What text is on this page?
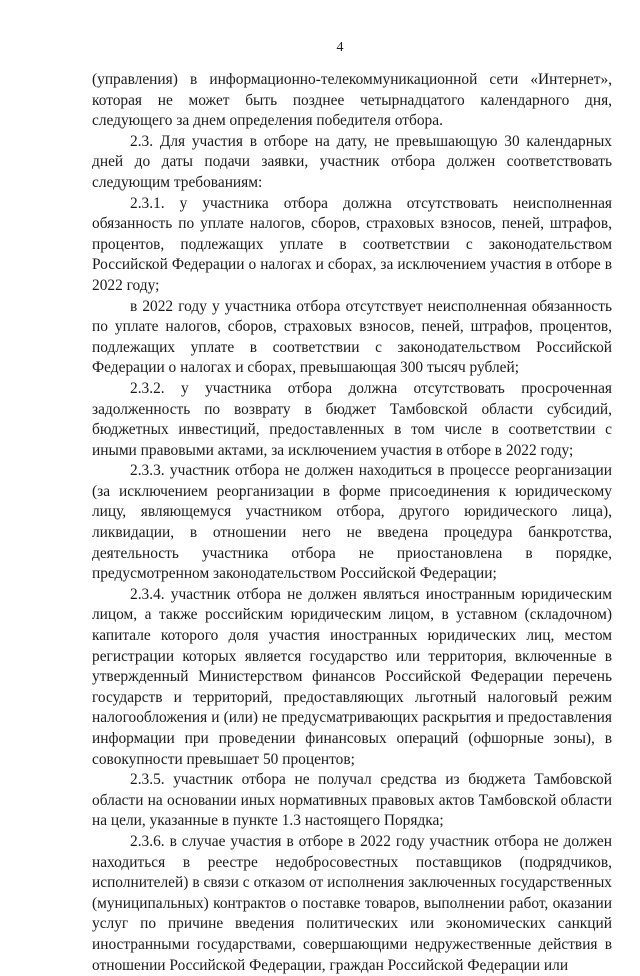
4

(управления) в информационно-телекоммуникационной сети «Интернет», которая не может быть позднее четырнадцатого календарного дня, следующего за днем определения победителя отбора.

2.3. Для участия в отборе на дату, не превышающую 30 календарных дней до даты подачи заявки, участник отбора должен соответствовать следующим требованиям:

2.3.1. у участника отбора должна отсутствовать неисполненная обязанность по уплате налогов, сборов, страховых взносов, пеней, штрафов, процентов, подлежащих уплате в соответствии с законодательством Российской Федерации о налогах и сборах, за исключением участия в отборе в 2022 году;

в 2022 году у участника отбора отсутствует неисполненная обязанность по уплате налогов, сборов, страховых взносов, пеней, штрафов, процентов, подлежащих уплате в соответствии с законодательством Российской Федерации о налогах и сборах, превышающая 300 тысяч рублей;

2.3.2. у участника отбора должна отсутствовать просроченная задолженность по возврату в бюджет Тамбовской области субсидий, бюджетных инвестиций, предоставленных в том числе в соответствии с иными правовыми актами, за исключением участия в отборе в 2022 году;

2.3.3. участник отбора не должен находиться в процессе реорганизации (за исключением реорганизации в форме присоединения к юридическому лицу, являющемуся участником отбора, другого юридического лица), ликвидации, в отношении него не введена процедура банкротства, деятельность участника отбора не приостановлена в порядке, предусмотренном законодательством Российской Федерации;

2.3.4. участник отбора не должен являться иностранным юридическим лицом, а также российским юридическим лицом, в уставном (складочном) капитале которого доля участия иностранных юридических лиц, местом регистрации которых является государство или территория, включенные в утвержденный Министерством финансов Российской Федерации перечень государств и территорий, предоставляющих льготный налоговый режим налогообложения и (или) не предусматривающих раскрытия и предоставления информации при проведении финансовых операций (офшорные зоны), в совокупности превышает 50 процентов;

2.3.5. участник отбора не получал средства из бюджета Тамбовской области на основании иных нормативных правовых актов Тамбовской области на цели, указанные в пункте 1.3 настоящего Порядка;

2.3.6. в случае участия в отборе в 2022 году участник отбора не должен находиться в реестре недобросовестных поставщиков (подрядчиков, исполнителей) в связи с отказом от исполнения заключенных государственных (муниципальных) контрактов о поставке товаров, выполнении работ, оказании услуг по причине введения политических или экономических санкций иностранными государствами, совершающими недружественные действия в отношении Российской Федерации, граждан Российской Федерации или
